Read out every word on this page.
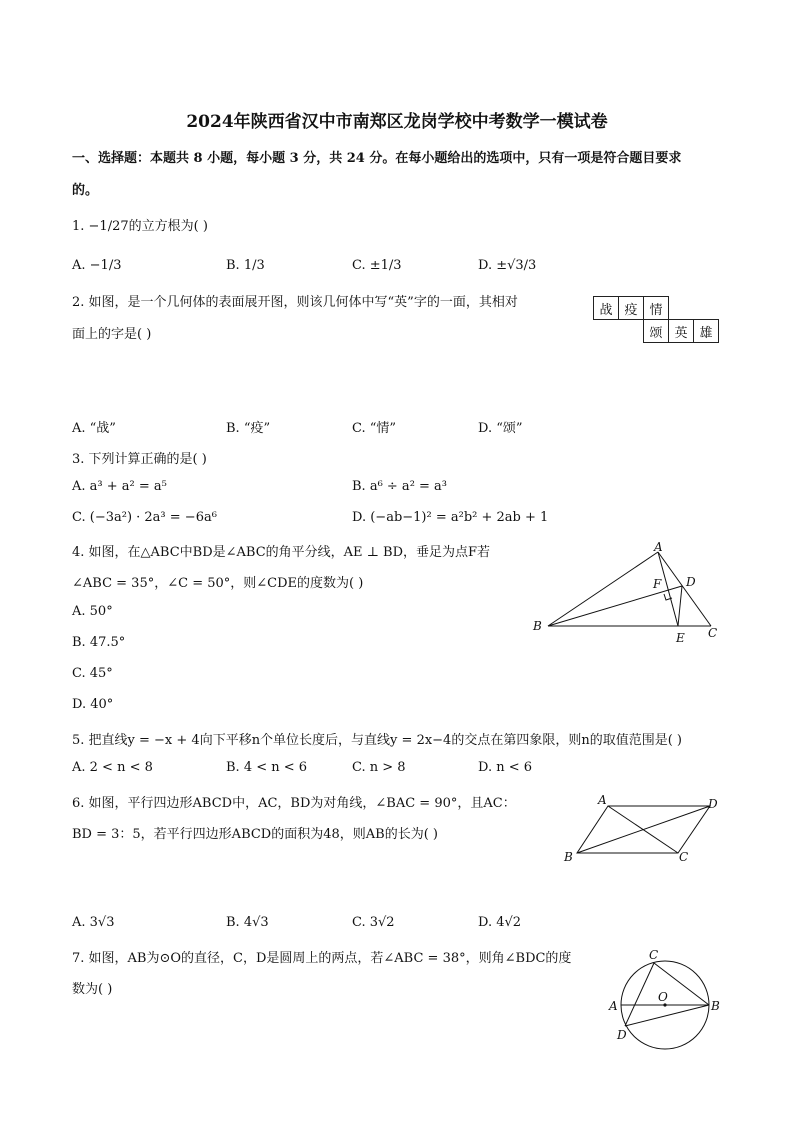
2024年陕西省汉中市南郑区龙岗学校中考数学一模试卷
一、选择题：本题共 8 小题，每小题 3 分，共 24 分。在每小题给出的选项中，只有一项是符合题目要求
的。
1. −1/27的立方根为( )
A. −1/3	B. 1/3	C. ±1/3	D. ±√3/3
2. 如图，是一个几何体的表面展开图，则该几何体中写“英”字的一面，其相对
面上的字是( )
战	疫	情		
		颂	英	雄
A. “战”	B. “疫”	C. “情”	D. “颂”
3. 下列计算正确的是( )
A. a³ + a² = a⁵	B. a⁶ ÷ a² = a³
C. (−3a²) · 2a³ = −6a⁶	D. (−ab−1)² = a²b² + 2ab + 1
4. 如图，在△ABC中BD是∠ABC的角平分线，AE ⊥ BD，垂足为点F若
∠ABC = 35°，∠C = 50°，则∠CDE的度数为( )
A. 50°
B. 47.5°
C. 45°
D. 40°
A
F D
B
E C
5. 把直线y = −x + 4向下平移n个单位长度后，与直线y = 2x−4的交点在第四象限，则n的取值范围是( )
A. 2 < n < 8	B. 4 < n < 6	C. n > 8	D. n < 6
6. 如图，平行四边形ABCD中，AC，BD为对角线，∠BAC = 90°，且AC：
BD = 3：5，若平行四边形ABCD的面积为48，则AB的长为( )
A	D
B	C
A. 3√3	B. 4√3	C. 3√2	D. 4√2
7. 如图，AB为⊙O的直径，C，D是圆周上的两点，若∠ABC = 38°，则角∠BDC的度
数为( )
C
O
A	B
D
